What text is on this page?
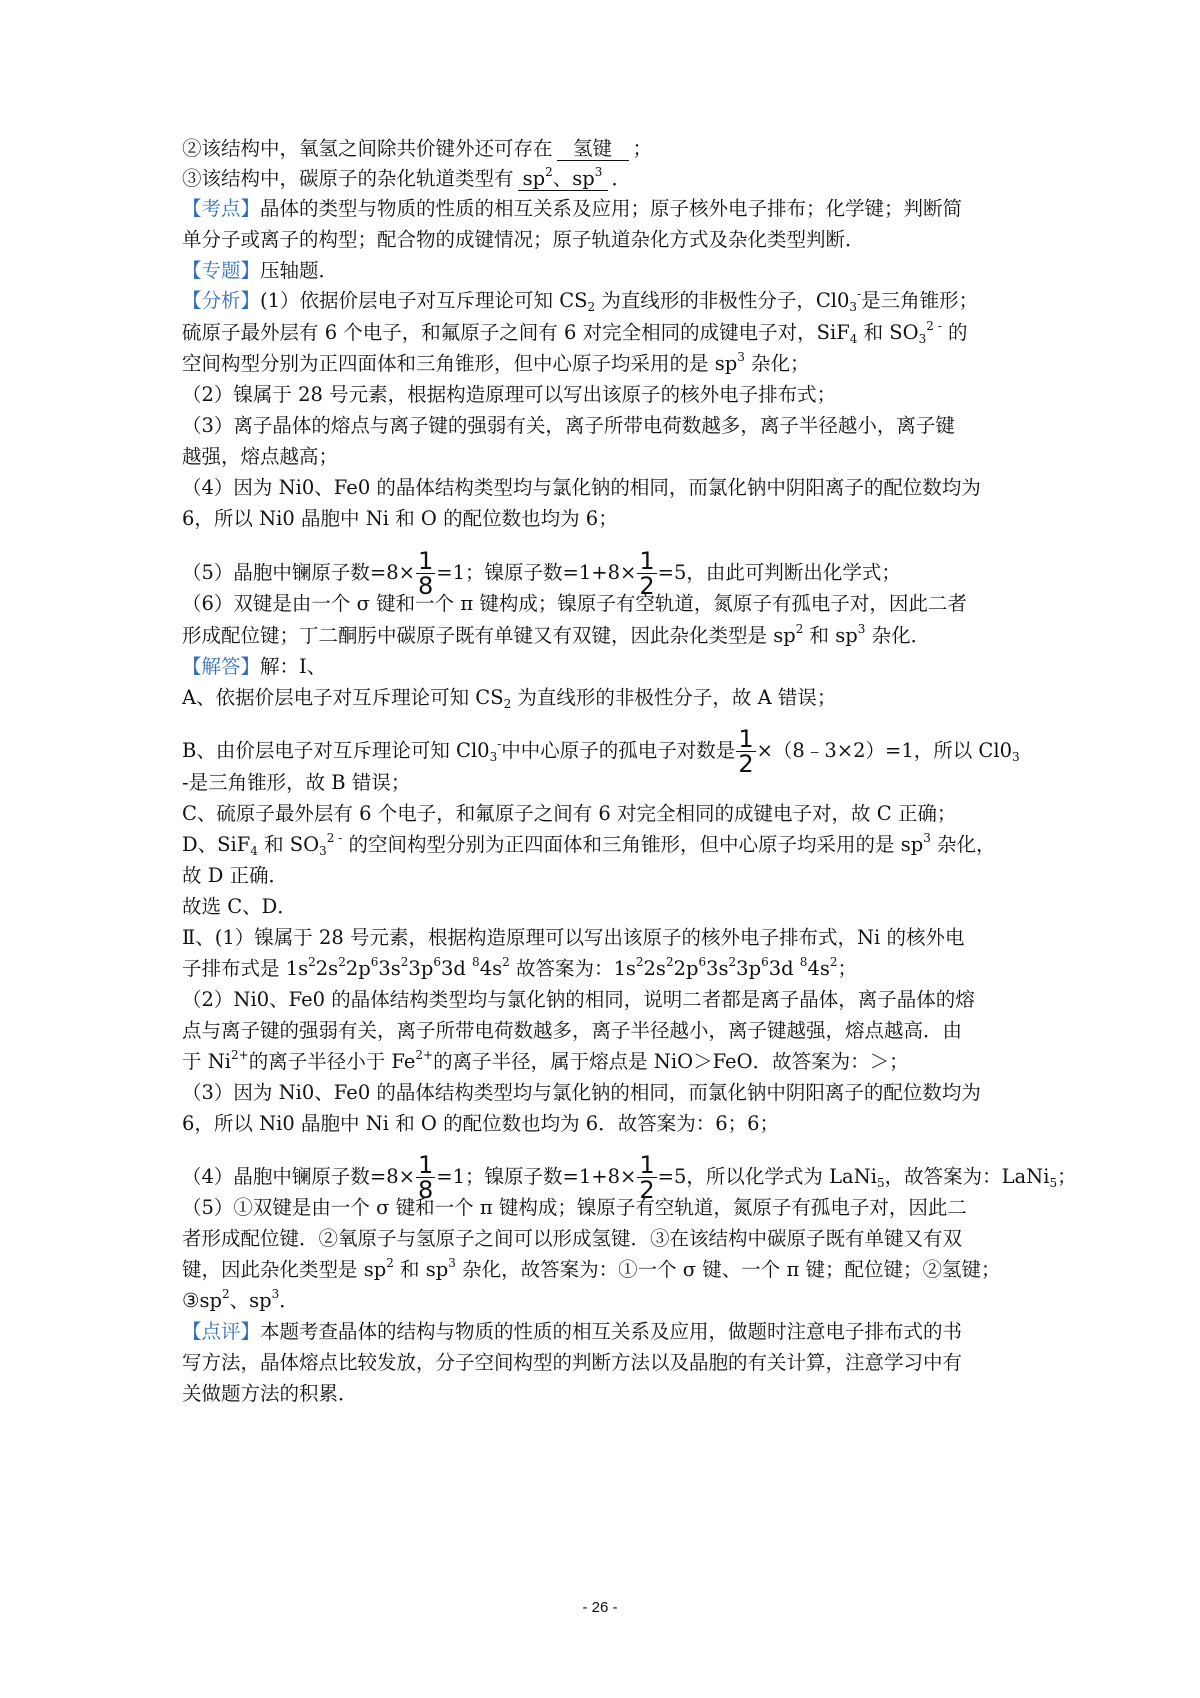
②该结构中，氧氢之间除共价键外还可存在 氢键 ；
③该结构中，碳原子的杂化轨道类型有 $sp^2$、$sp^3$ ．
【考点】晶体的类型与物质的性质的相互关系及应用；原子核外电子排布；化学键；判断简
单分子或离子的构型；配合物的成键情况；原子轨道杂化方式及杂化类型判断．
【专题】压轴题．
【分析】(1）依据价层电子对互斥理论可知 $CS_2$ 为直线形的非极性分子，$Cl0_3^-$是三角锥形；
硫原子最外层有 6 个电子，和氟原子之间有 6 对完全相同的成键电子对，SiF$_4$ 和 $SO_3^{2 -}$ 的
空间构型分别为正四面体和三角锥形，但中心原子均采用的是 $sp^3$ 杂化；
（2）镍属于 28 号元素，根据构造原理可以写出该原子的核外电子排布式；
（3）离子晶体的熔点与离子键的强弱有关，离子所带电荷数越多，离子半径越小，离子键
越强，熔点越高；
（4）因为 Ni0、Fe0 的晶体结构类型均与氯化钠的相同，而氯化钠中阴阳离子的配位数均为
6，所以 Ni0 晶胞中 Ni 和 O 的配位数也均为 6；
（5）晶胞中镧原子数$=8\times \frac{1}{8} =1$；镍原子数$=1+8\times \frac{1}{2} =5$，由此可判断出化学式；
（6）双键是由一个 σ 键和一个 π 键构成；镍原子有空轨道，氮原子有孤电子对，因此二者
形成配位键；丁二酮肟中碳原子既有单键又有双键，因此杂化类型是 $sp^2$ 和 $sp^3$ 杂化．
【解答】解：Ⅰ、
A、依据价层电子对互斥理论可知 $CS_2$ 为直线形的非极性分子，故 A 错误；
B、由价层电子对互斥理论可知 $Cl0_3^-$中中心原子的孤电子对数是 $\frac{1}{2}$ ×（8﹣3×2）=1，所以 $Cl0_3$
-是三角锥形，故 B 错误；
C、硫原子最外层有 6 个电子，和氟原子之间有 6 对完全相同的成键电子对，故 C 正确；
D、SiF$_4$ 和 $SO_3^{2 -}$ 的空间构型分别为正四面体和三角锥形，但中心原子均采用的是 $sp^3$ 杂化，
故 D 正确．
故选 C、D．
Ⅱ、(1）镍属于 28 号元素，根据构造原理可以写出该原子的核外电子排布式，Ni 的核外电
子排布式是 $1s^22s^22p^63s^23p^63d$ $^84s^2$ 故答案为：$1s^22s^22p^63s^23p^63d$ $^84s^2$；
（2）Ni0、Fe0 的晶体结构类型均与氯化钠的相同，说明二者都是离子晶体，离子晶体的熔
点与离子键的强弱有关，离子所带电荷数越多，离子半径越小，离子键越强，熔点越高．由
于 $Ni^{2+}$的离子半径小于 $Fe^{2+}$的离子半径，属于熔点是 NiO＞FeO．故答案为：＞；
（3）因为 Ni0、Fe0 的晶体结构类型均与氯化钠的相同，而氯化钠中阴阳离子的配位数均为
6，所以 Ni0 晶胞中 Ni 和 O 的配位数也均为 6．故答案为：6；6；
（4）晶胞中镧原子数$=8\times \frac{1}{8} =1$；镍原子数$=1+8\times \frac{1}{2} =5$，所以化学式为 LaNi$_5$，故答案为：LaNi$_5$；
（5）①双键是由一个 σ 键和一个 π 键构成；镍原子有空轨道，氮原子有孤电子对，因此二
者形成配位键．②氧原子与氢原子之间可以形成氢键．③在该结构中碳原子既有单键又有双
键，因此杂化类型是 $sp^2$ 和 $sp^3$ 杂化，故答案为：①一个 σ 键、一个 π 键；配位键；②氢键；
$③sp^2$、$sp^3$．
【点评】本题考查晶体的结构与物质的性质的相互关系及应用，做题时注意电子排布式的书
写方法，晶体熔点比较发放，分子空间构型的判断方法以及晶胞的有关计算，注意学习中有
关做题方法的积累．
- 26 -
